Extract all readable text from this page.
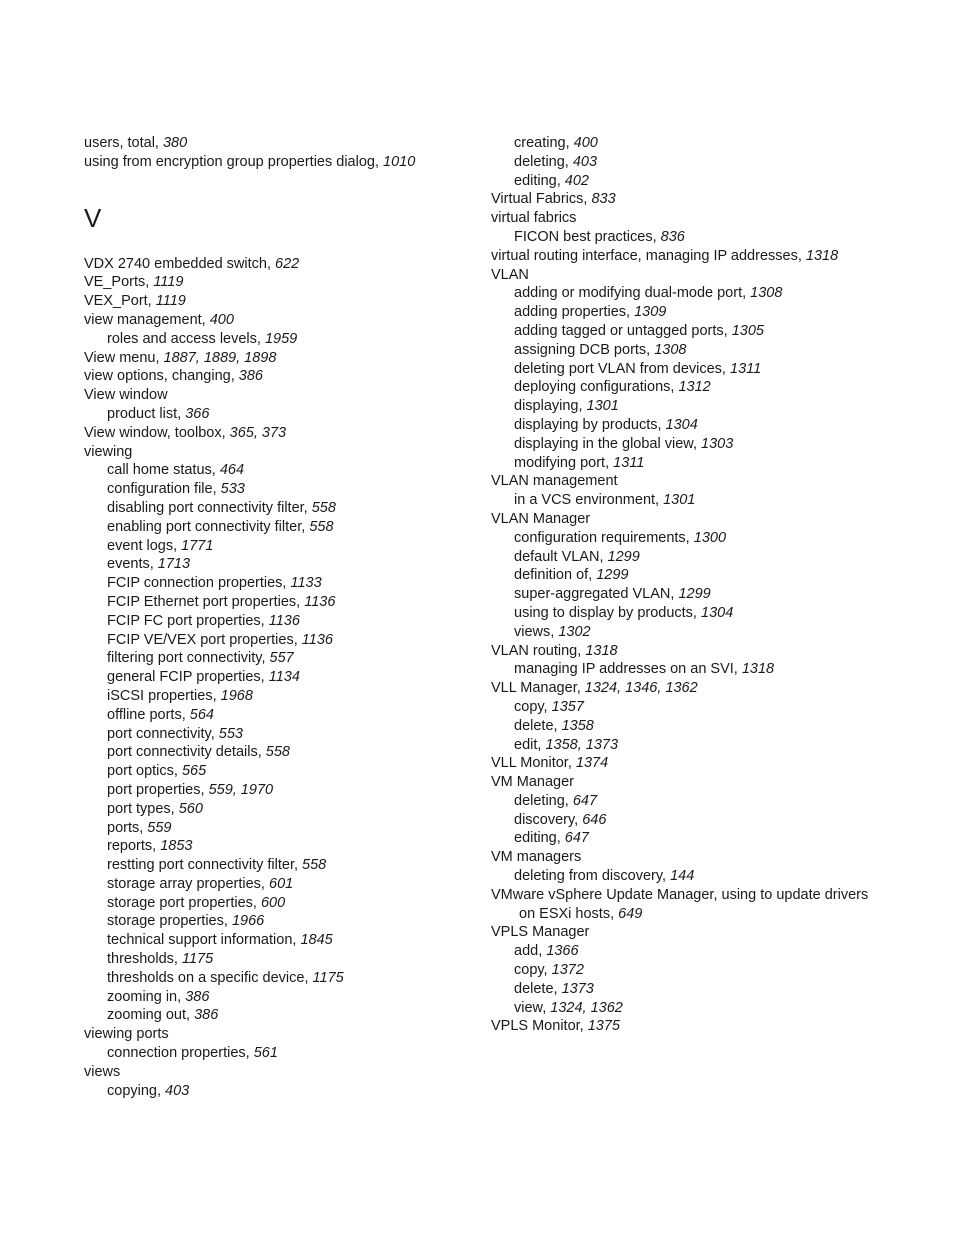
users, total, 380
using from encryption group properties dialog, 1010
V
VDX 2740 embedded switch, 622
VE_Ports, 1119
VEX_Port, 1119
view management, 400
roles and access levels, 1959
View menu, 1887, 1889, 1898
view options, changing, 386
View window
product list, 366
View window, toolbox, 365, 373
viewing
call home status, 464
configuration file, 533
disabling port connectivity filter, 558
enabling port connectivity filter, 558
event logs, 1771
events, 1713
FCIP connection properties, 1133
FCIP Ethernet port properties, 1136
FCIP FC port properties, 1136
FCIP VE/VEX port properties, 1136
filtering port connectivity, 557
general FCIP properties, 1134
iSCSI properties, 1968
offline ports, 564
port connectivity, 553
port connectivity details, 558
port optics, 565
port properties, 559, 1970
port types, 560
ports, 559
reports, 1853
restting port connectivity filter, 558
storage array properties, 601
storage port properties, 600
storage properties, 1966
technical support information, 1845
thresholds, 1175
thresholds on a specific device, 1175
zooming in, 386
zooming out, 386
viewing ports
connection properties, 561
views
copying, 403
creating, 400
deleting, 403
editing, 402
Virtual Fabrics, 833
virtual fabrics
FICON best practices, 836
virtual routing interface, managing IP addresses, 1318
VLAN
adding or modifying dual-mode port, 1308
adding properties, 1309
adding tagged or untagged ports, 1305
assigning DCB ports, 1308
deleting port VLAN from devices, 1311
deploying configurations, 1312
displaying, 1301
displaying by products, 1304
displaying in the global view, 1303
modifying port, 1311
VLAN management
in a VCS environment, 1301
VLAN Manager
configuration requirements, 1300
default VLAN, 1299
definition of, 1299
super-aggregated VLAN, 1299
using to display by products, 1304
views, 1302
VLAN routing, 1318
managing IP addresses on an SVI, 1318
VLL Manager, 1324, 1346, 1362
copy, 1357
delete, 1358
edit, 1358, 1373
VLL Monitor, 1374
VM Manager
deleting, 647
discovery, 646
editing, 647
VM managers
deleting from discovery, 144
VMware vSphere Update Manager, using to update drivers
on ESXi hosts, 649
VPLS Manager
add, 1366
copy, 1372
delete, 1373
view, 1324, 1362
VPLS Monitor, 1375
